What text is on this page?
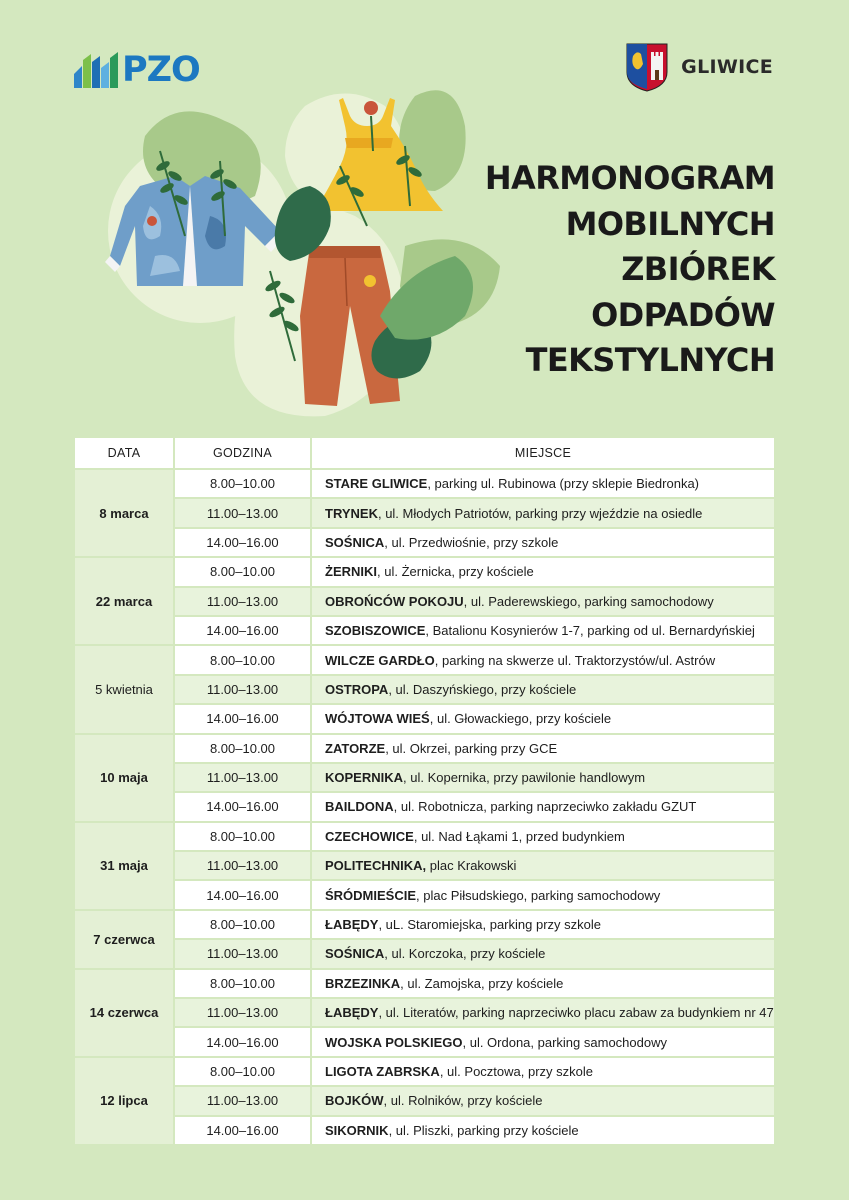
PZO	GLIWICE
HARMONOGRAM
MOBILNYCH
ZBIÓREK
ODPADÓW
TEKSTYLNYCH
DATA	GODZINA	MIEJSCE
8 marca	8.00–10.00	STARE GLIWICE, parking ul. Rubinowa (przy sklepie Biedronka)
	11.00–13.00	TRYNEK, ul. Młodych Patriotów, parking przy wjeździe na osiedle
	14.00–16.00	SOŚNICA, ul. Przedwiośnie, przy szkole
22 marca	8.00–10.00	ŻERNIKI, ul. Żernicka, przy kościele
	11.00–13.00	OBROŃCÓW POKOJU, ul. Paderewskiego, parking samochodowy
	14.00–16.00	SZOBISZOWICE, Batalionu Kosynierów 1-7, parking od ul. Bernardyńskiej
5 kwietnia	8.00–10.00	WILCZE GARDŁO, parking na skwerze ul. Traktorzystów/ul. Astrów
	11.00–13.00	OSTROPA, ul. Daszyńskiego, przy kościele
	14.00–16.00	WÓJTOWA WIEŚ, ul. Głowackiego, przy kościele
10 maja	8.00–10.00	ZATORZE, ul. Okrzei, parking przy GCE
	11.00–13.00	KOPERNIKA, ul. Kopernika, przy pawilonie handlowym
	14.00–16.00	BAILDONA, ul. Robotnicza, parking naprzeciwko zakładu GZUT
31 maja	8.00–10.00	CZECHOWICE, ul. Nad Łąkami 1, przed budynkiem
	11.00–13.00	POLITECHNIKA, plac Krakowski
	14.00–16.00	ŚRÓDMIEŚCIE, plac Piłsudskiego, parking samochodowy
7 czerwca	8.00–10.00	ŁABĘDY, uL. Staromiejska, parking przy szkole
	11.00–13.00	SOŚNICA, ul. Korczoka, przy kościele
14 czerwca	8.00–10.00	BRZEZINKA, ul. Zamojska, przy kościele
	11.00–13.00	ŁABĘDY, ul. Literatów, parking naprzeciwko placu zabaw za budynkiem nr 47
	14.00–16.00	WOJSKA POLSKIEGO, ul. Ordona, parking samochodowy
12 lipca	8.00–10.00	LIGOTA ZABRSKA, ul. Pocztowa, przy szkole
	11.00–13.00	BOJKÓW, ul. Rolników, przy kościele
	14.00–16.00	SIKORNIK, ul. Pliszki, parking przy kościele
